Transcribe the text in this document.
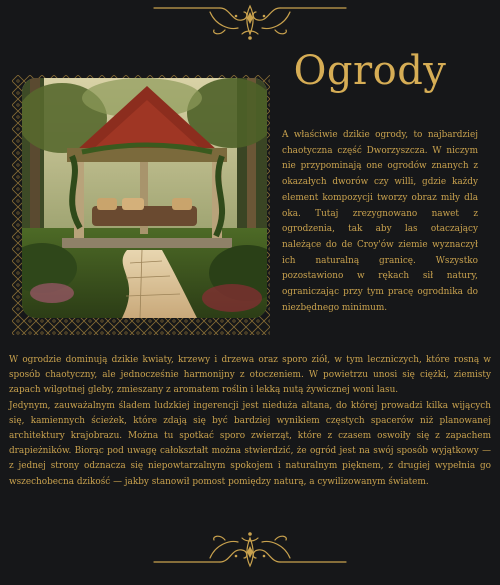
Ogrody

A właściwie dzikie ogrody, to najbardziej chaotyczna część Dworzyszcza. W niczym nie przypominają one ogrodów znanych z okazałych dworów czy willi, gdzie każdy element kompozycji tworzy obraz miły dla oka. Tutaj zrezygnowano nawet z ogrodzenia, tak aby las otaczający należące do de Croy'ów ziemie wyznaczył ich naturalną granicę. Wszystko pozostawiono w rękach sił natury, ograniczając przy tym pracę ogrodnika do niezbędnego minimum.

W ogrodzie dominują dzikie kwiaty, krzewy i drzewa oraz sporo ziół, w tym leczniczych, które rosną w sposób chaotyczny, ale jednocześnie harmonijny z otoczeniem. W powietrzu unosi się ciężki, ziemisty zapach wilgotnej gleby, zmieszany z aromatem roślin i lekką nutą żywicznej woni lasu.

Jedynym, zauważalnym śladem ludzkiej ingerencji jest nieduża altana, do której prowadzi kilka wijących się, kamiennych ścieżek, które zdają się być bardziej wynikiem częstych spacerów niż planowanej architektury krajobrazu. Można tu spotkać sporo zwierząt, które z czasem oswoiły się z zapachem drapieżników. Biorąc pod uwagę całokształt można stwierdzić, że ogród jest na swój sposób wyjątkowy — z jednej strony odznacza się niepowtarzalnym spokojem i naturalnym pięknem, z drugiej wypełnia go wszechobecna dzikość — jakby stanowił pomost pomiędzy naturą, a cywilizowanym światem.
